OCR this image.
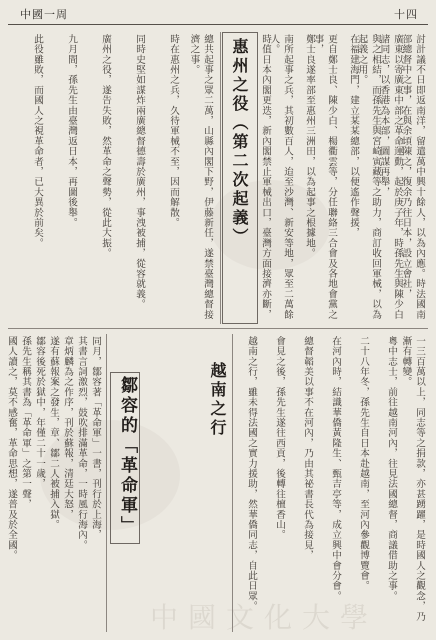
中國一周	十四
討計議不日即返南洋，留遣萬中興十餘人，以為內應。時法國南部總督中之事，在與余頃陳之，復余乃往日本，設立會社，
廣東以寄廣東中部之革命運動，起於庚子年，時孫先生與陳少白諸同志，以香港為本部，圖謀再舉，
與之相結，而孫先生與宮崎寅藏等之助力，商訂收回軍械，以為起義之用。
在福建海門，建立某某總部，以便遙作聲援，
更自鄭士良、陳少白、楊衢雲等，分任聯絡三合會及各地會黨之事，
鄭士良遂率部至惠州三洲田，以為起事之根據地。
南所起事之兵，其初數百人，迨至沙灣、新安等地，眾至二萬餘人。
時值日本內閣更迭，新內閣禁止軍械出口，臺灣方面接濟亦斷，
惠州之役（第二次起義）
總共起事之眾二萬，山縣內閣下野，伊藤新任，遂禁臺灣總督接濟之事。
時在惠州之兵，久待軍械不至，因而解散。
同時史堅如謀炸兩廣總督德壽於廣州，事洩被捕，從容就義。
廣州之役，遂告失敗，然革命之聲勢，從此大振。
九月間，孫先生由臺灣返日本，再圖後舉。
此役雖敗，而國人之視革命者，已大異於前矣。
一三百萬以上，同志等之捐款，亦甚踴躍，是時國人之觀念，乃漸有轉變。
粵中志士，前往越南河內，往見法國總督，商議借助之事。
二十八年冬，孫先生自日本赴越南，至河內參觀博覽會。
在河內時，結識華僑黃隆生、甄吉亭等，成立興中會分會。
總督韜美以事不在河內，乃由其祕書長代為接見，
會見之後，孫先生遂往西貢，後轉往檀香山。
越南之行，雖未得法國之實力援助，然華僑同志，自此日眾。
越南之行
鄒容的「革命軍」
同月，鄒容著「革命軍」一書，刊行於上海，
其書言詞激烈，鼓吹排滿革命，一時風行海內。
章炳麟為之作序，刊於蘇報，清廷大怒，
遂有蘇報案之發生，章、鄒二人被捕入獄。
鄒容後死於獄中，年僅二十一歲，
孫先生稱其書為「革命軍」之第一聲，
國人讀之，莫不感奮，革命思想，遂普及於全國。
中國文化大學
